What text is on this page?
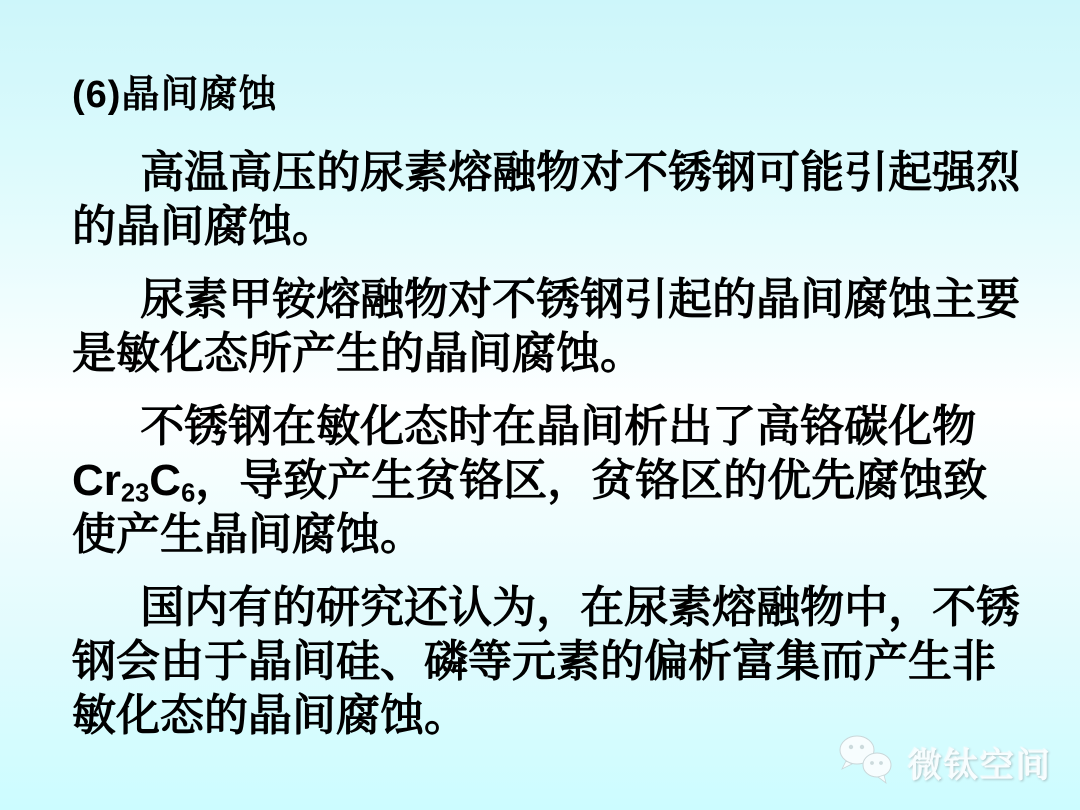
(6)晶间腐蚀
高温高压的尿素熔融物对不锈钢可能引起强烈
的晶间腐蚀。
尿素甲铵熔融物对不锈钢引起的晶间腐蚀主要
是敏化态所产生的晶间腐蚀。
不锈钢在敏化态时在晶间析出了高铬碳化物
$Cr_{23}C_6$，导致产生贫铬区，贫铬区的优先腐蚀致
使产生晶间腐蚀。
国内有的研究还认为，在尿素熔融物中，不锈
钢会由于晶间硅、磷等元素的偏析富集而产生非
敏化态的晶间腐蚀。
微钛空间
